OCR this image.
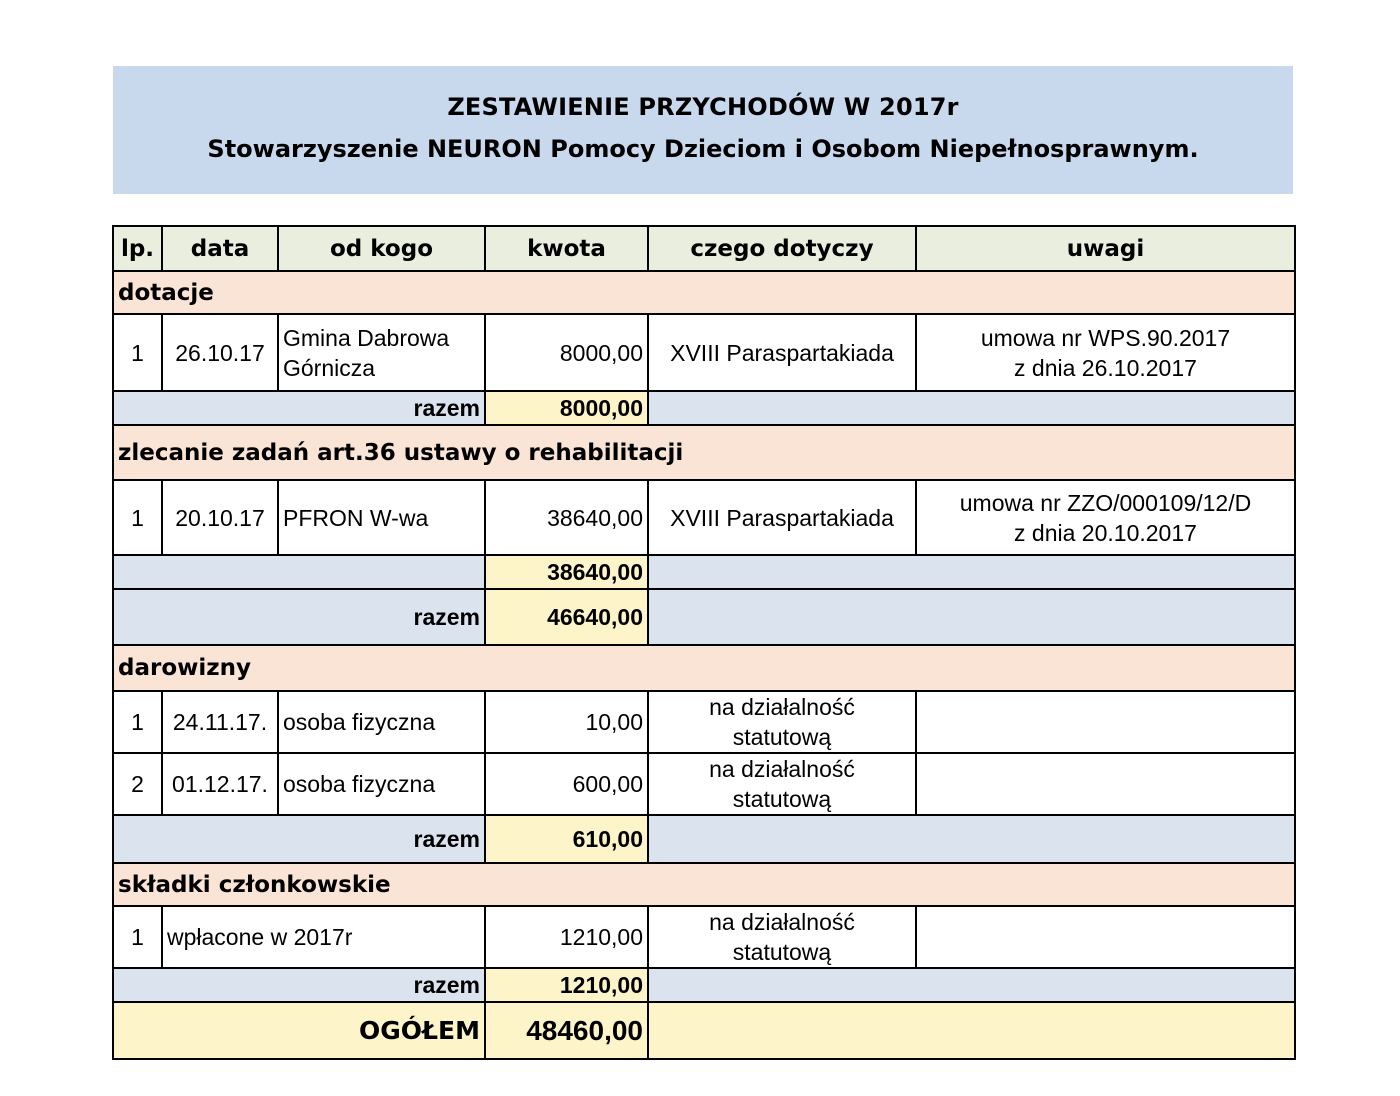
ZESTAWIENIE PRZYCHODÓW W 2017r
Stowarzyszenie NEURON Pomocy Dzieciom i Osobom Niepełnosprawnym.
lp.	data	od kogo	kwota	czego dotyczy	uwagi
dotacje					
1	26.10.17	Gmina Dabrowa Górnicza	8000,00	XVIII Paraspartakiada	umowa nr WPS.90.2017
z dnia 26.10.2017

razem			8000,00		
zlecanie zadań art.36 ustawy o rehabilitacji					
1	20.10.17	PFRON W-wa	38640,00	XVIII Paraspartakiada	umowa nr ZZO/000109/12/D
z dnia 20.10.2017

			38640,00		
razem			46640,00		
darowizny					
1	24.11.17.	osoba fizyczna	10,00	na działalność
statutową	

2	01.12.17.	osoba fizyczna	600,00	na działalność
statutową	

razem			610,00		
składki członkowskie					
1	wpłacone w 2017r		1210,00	na działalność
statutową	

razem			1210,00		
OGÓŁEM			48460,00		
